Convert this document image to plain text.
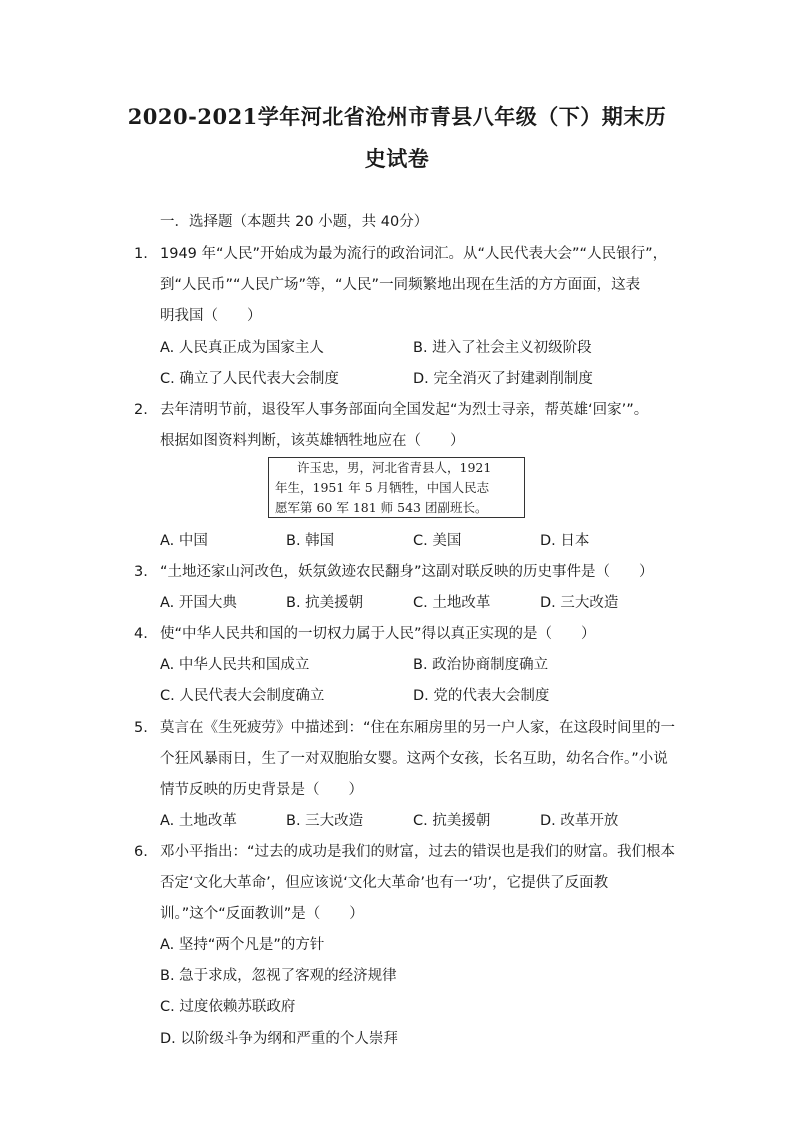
2020-2021学年河北省沧州市青县八年级（下）期末历
史试卷
一．选择题（本题共 20 小题，共 40分）
1. 1949 年“人民”开始成为最为流行的政治词汇。从“人民代表大会”“人民银行”，
到“人民币”“人民广场”等，“人民”一同频繁地出现在生活的方方面面，这表
明我国（　　）
A. 人民真正成为国家主人	B. 进入了社会主义初级阶段
C. 确立了人民代表大会制度	D. 完全消灭了封建剥削制度
2. 去年清明节前，退役军人事务部面向全国发起“为烈士寻亲，帮英雄‘回家’”。
根据如图资料判断，该英雄牺牲地应在（　　）
许玉忠，男，河北省青县人，1921
年生，1951 年 5 月牺牲，中国人民志
愿军第 60 军 181 师 543 团副班长。
A. 中国	B. 韩国	C. 美国	D. 日本
3. “土地还家山河改色，妖氛敛迹农民翻身”这副对联反映的历史事件是（　　）
A. 开国大典	B. 抗美援朝	C. 土地改革	D. 三大改造
4. 使“中华人民共和国的一切权力属于人民”得以真正实现的是（　　）
A. 中华人民共和国成立	B. 政治协商制度确立
C. 人民代表大会制度确立	D. 党的代表大会制度
5. 莫言在《生死疲劳》中描述到：“住在东厢房里的另一户人家，在这段时间里的一
个狂风暴雨日，生了一对双胞胎女婴。这两个女孩，长名互助，幼名合作。”小说
情节反映的历史背景是（　　）
A. 土地改革	B. 三大改造	C. 抗美援朝	D. 改革开放
6. 邓小平指出：“过去的成功是我们的财富，过去的错误也是我们的财富。我们根本
否定‘文化大革命’，但应该说‘文化大革命’也有一‘功’，它提供了反面教
训。”这个“反面教训”是（　　）
A. 坚持“两个凡是”的方针
B. 急于求成，忽视了客观的经济规律
C. 过度依赖苏联政府
D. 以阶级斗争为纲和严重的个人崇拜
